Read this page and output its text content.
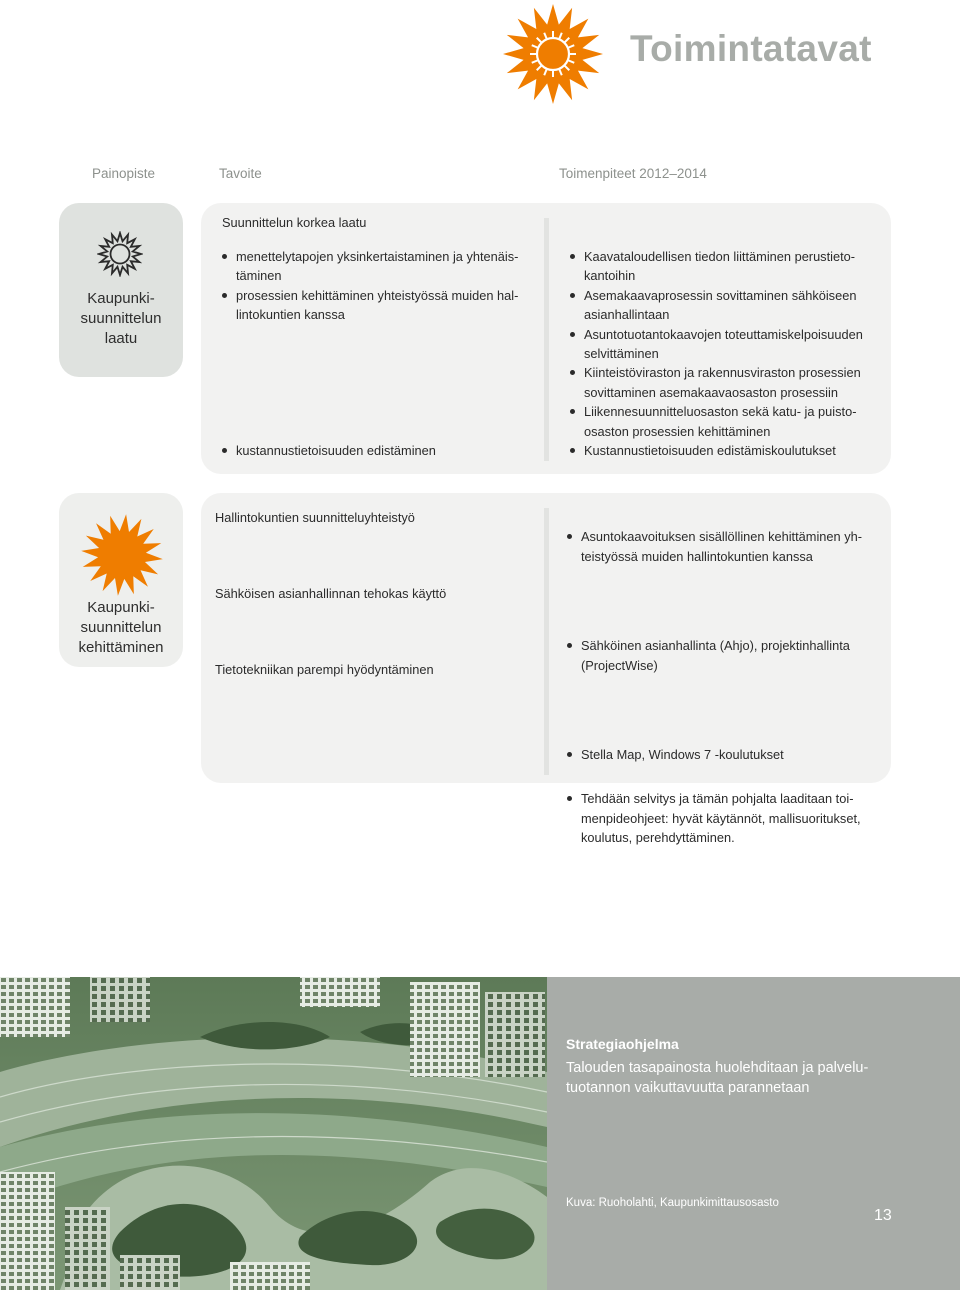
Toimintatavat
Painopiste	Tavoite	Toimenpiteet 2012–2014
Kaupunki-
suunnittelun
laatu
Suunnittelun korkea laatu
menettelytapojen yksinkertaistaminen ja yhtenäis-
täminen
prosessien kehittäminen yhteistyössä muiden hal-
lintokuntien kanssa
kustannustietoisuuden edistäminen
Kaavataloudellisen tiedon liittäminen perustieto-
kantoihin
Asemakaavaprosessin sovittaminen sähköiseen
asianhallintaan
Asuntotuotantokaavojen toteuttamiskelpoisuuden
selvittäminen
Kiinteistöviraston ja rakennusviraston prosessien
sovittaminen asemakaavaosaston prosessiin
Liikennesuunnitteluosaston sekä katu- ja puisto-
osaston prosessien kehittäminen
Kustannustietoisuuden edistämiskoulutukset
Kaupunki-
suunnittelun
kehittäminen
Hallintokuntien suunnitteluyhteistyö
Sähköisen asianhallinnan tehokas käyttö
Tietotekniikan parempi hyödyntäminen
Asuntokaavoituksen sisällöllinen kehittäminen yh-
teistyössä muiden hallintokuntien kanssa
Sähköinen asianhallinta (Ahjo), projektinhallinta
(ProjectWise)
Stella Map, Windows 7 -koulutukset
Tehdään selvitys ja tämän pohjalta laaditaan toi-
menpideohjeet: hyvät käytännöt, mallisuoritukset,
koulutus, perehdyttäminen.
Strategiaohjelma
Talouden tasapainosta huolehditaan ja palvelu-
tuotannon vaikuttavuutta parannetaan
Kuva: Ruoholahti, Kaupunkimittausosasto
13
